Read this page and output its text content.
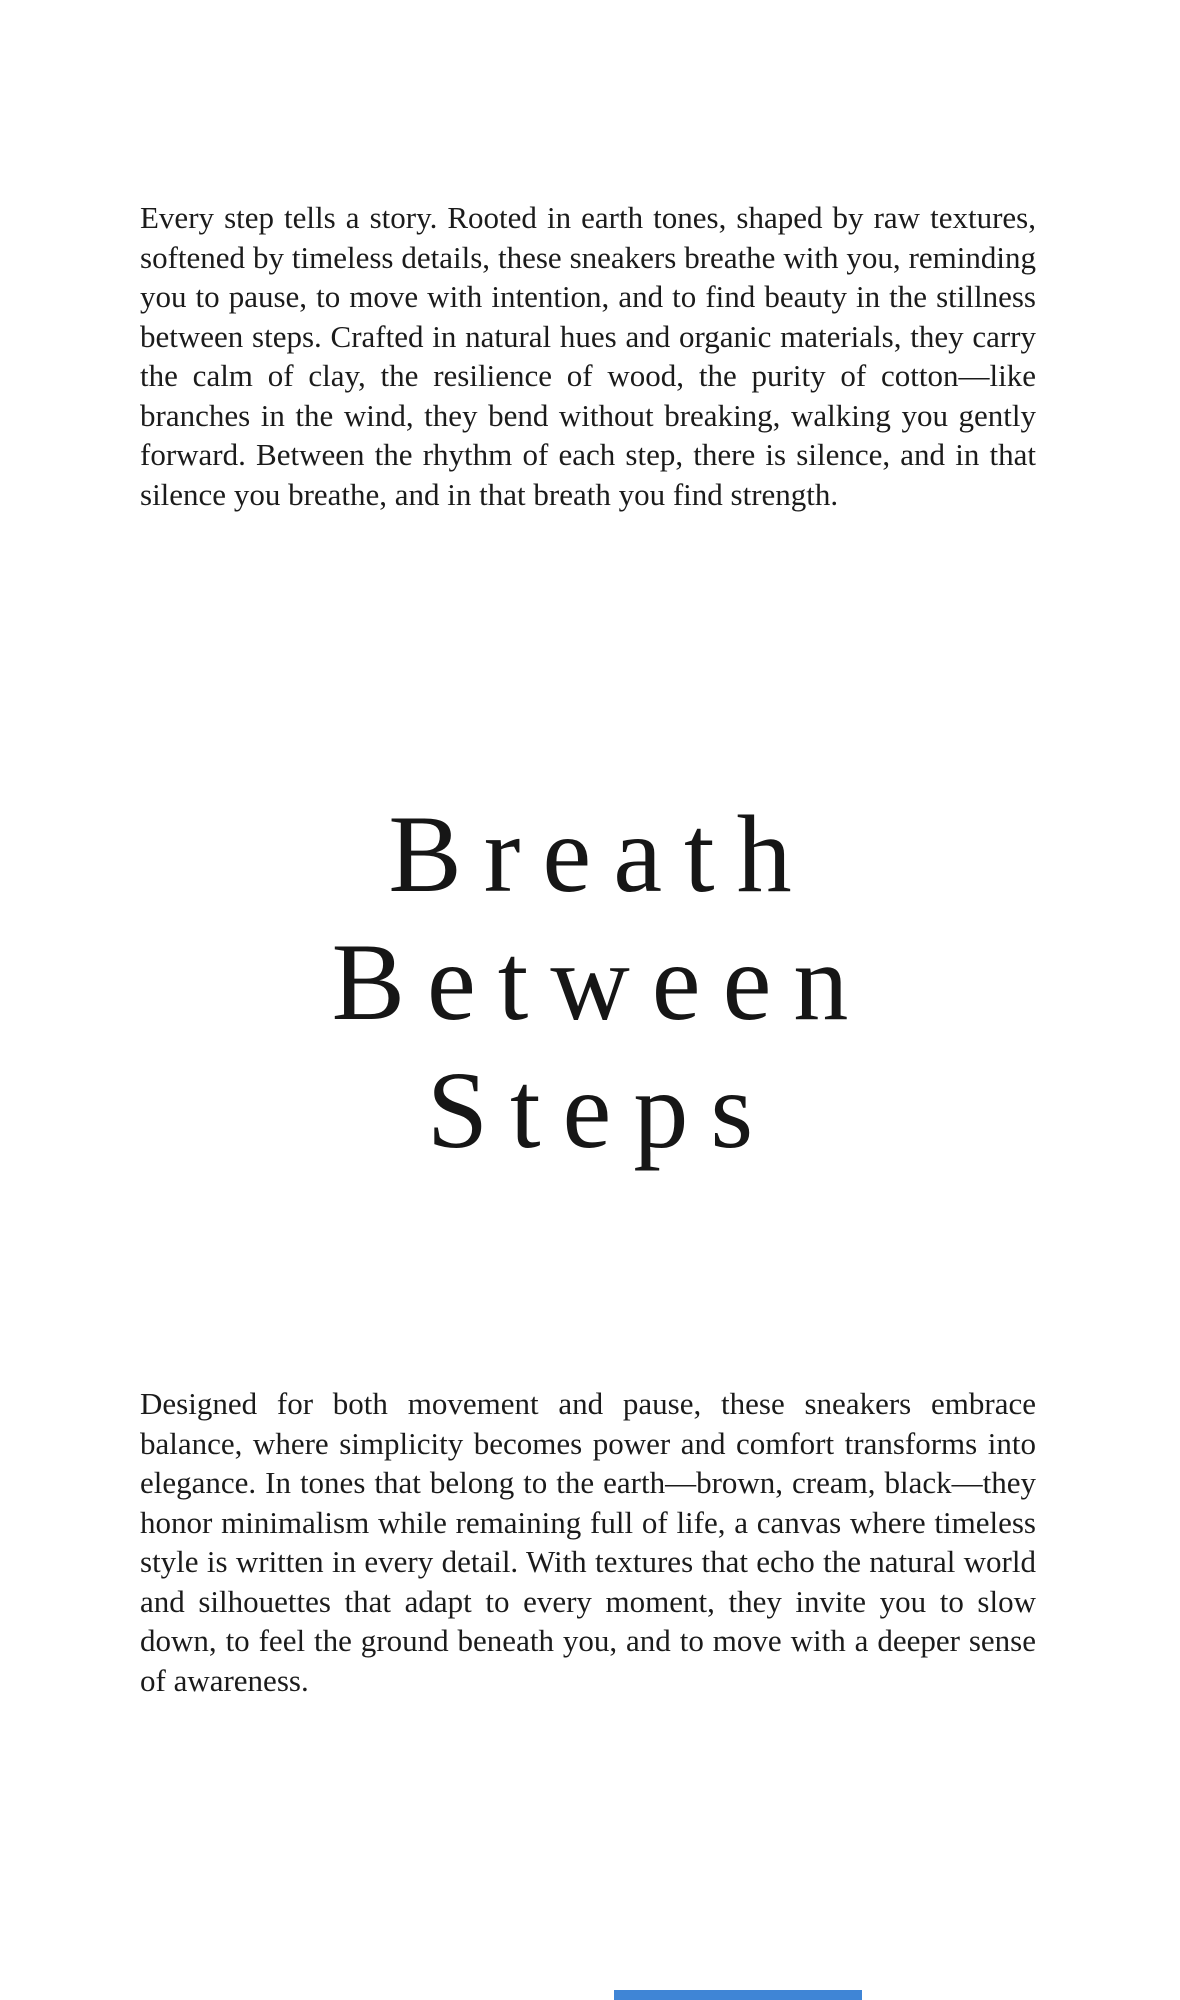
Every step tells a story. Rooted in earth tones, shaped by raw textures, softened by timeless details, these sneakers breathe with you, reminding you to pause, to move with intention, and to find beauty in the stillness between steps. Crafted in natural hues and organic materials, they carry the calm of clay, the resilience of wood, the purity of cotton—like branches in the wind, they bend without breaking, walking you gently forward. Between the rhythm of each step, there is silence, and in that silence you breathe, and in that breath you find strength.

Breath
Between
Steps

Designed for both movement and pause, these sneakers embrace balance, where simplicity becomes power and comfort transforms into elegance. In tones that belong to the earth—brown, cream, black—they honor minimalism while remaining full of life, a canvas where timeless style is written in every detail. With textures that echo the natural world and silhouettes that adapt to every moment, they invite you to slow down, to feel the ground beneath you, and to move with a deeper sense of awareness.
